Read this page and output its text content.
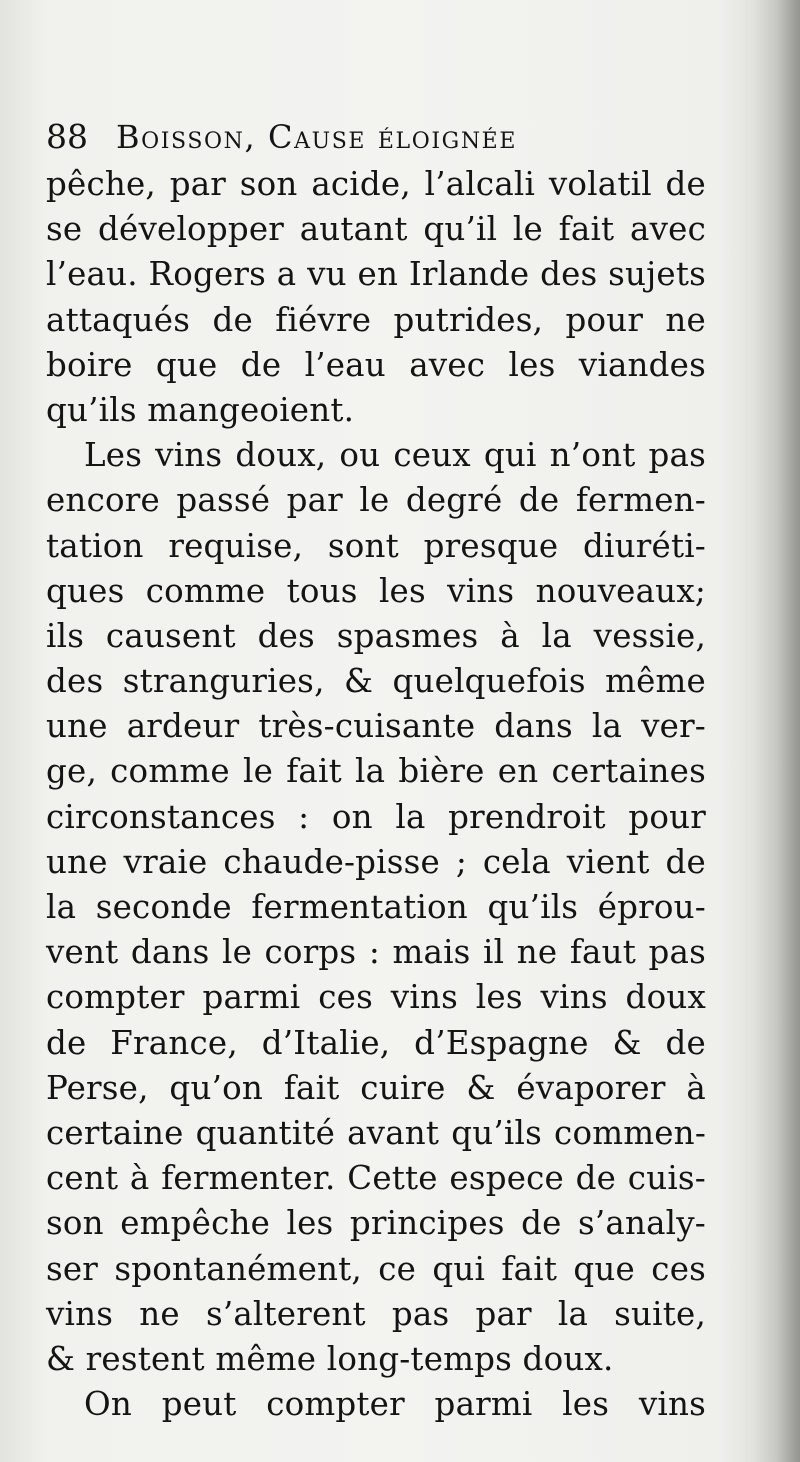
88 Boisson, Cause éloignée
pêche, par son acide, l’alcali volatil de
se développer autant qu’il le fait avec
l’eau. Rogers a vu en Irlande des sujets
attaqués de fiévre putrides, pour ne
boire que de l’eau avec les viandes
qu’ils mangeoient.
Les vins doux, ou ceux qui n’ont pas
encore passé par le degré de fermen-
tation requise, sont presque diuréti-
ques comme tous les vins nouveaux;
ils causent des spasmes à la vessie,
des stranguries, & quelquefois même
une ardeur très-cuisante dans la ver-
ge, comme le fait la bière en certaines
circonstances : on la prendroit pour
une vraie chaude-pisse ; cela vient de
la seconde fermentation qu’ils éprou-
vent dans le corps : mais il ne faut pas
compter parmi ces vins les vins doux
de France, d’Italie, d’Espagne & de
Perse, qu’on fait cuire & évaporer à
certaine quantité avant qu’ils commen-
cent à fermenter. Cette espece de cuis-
son empêche les principes de s’analy-
ser spontanément, ce qui fait que ces
vins ne s’alterent pas par la suite,
& restent même long-temps doux.
On peut compter parmi les vins
